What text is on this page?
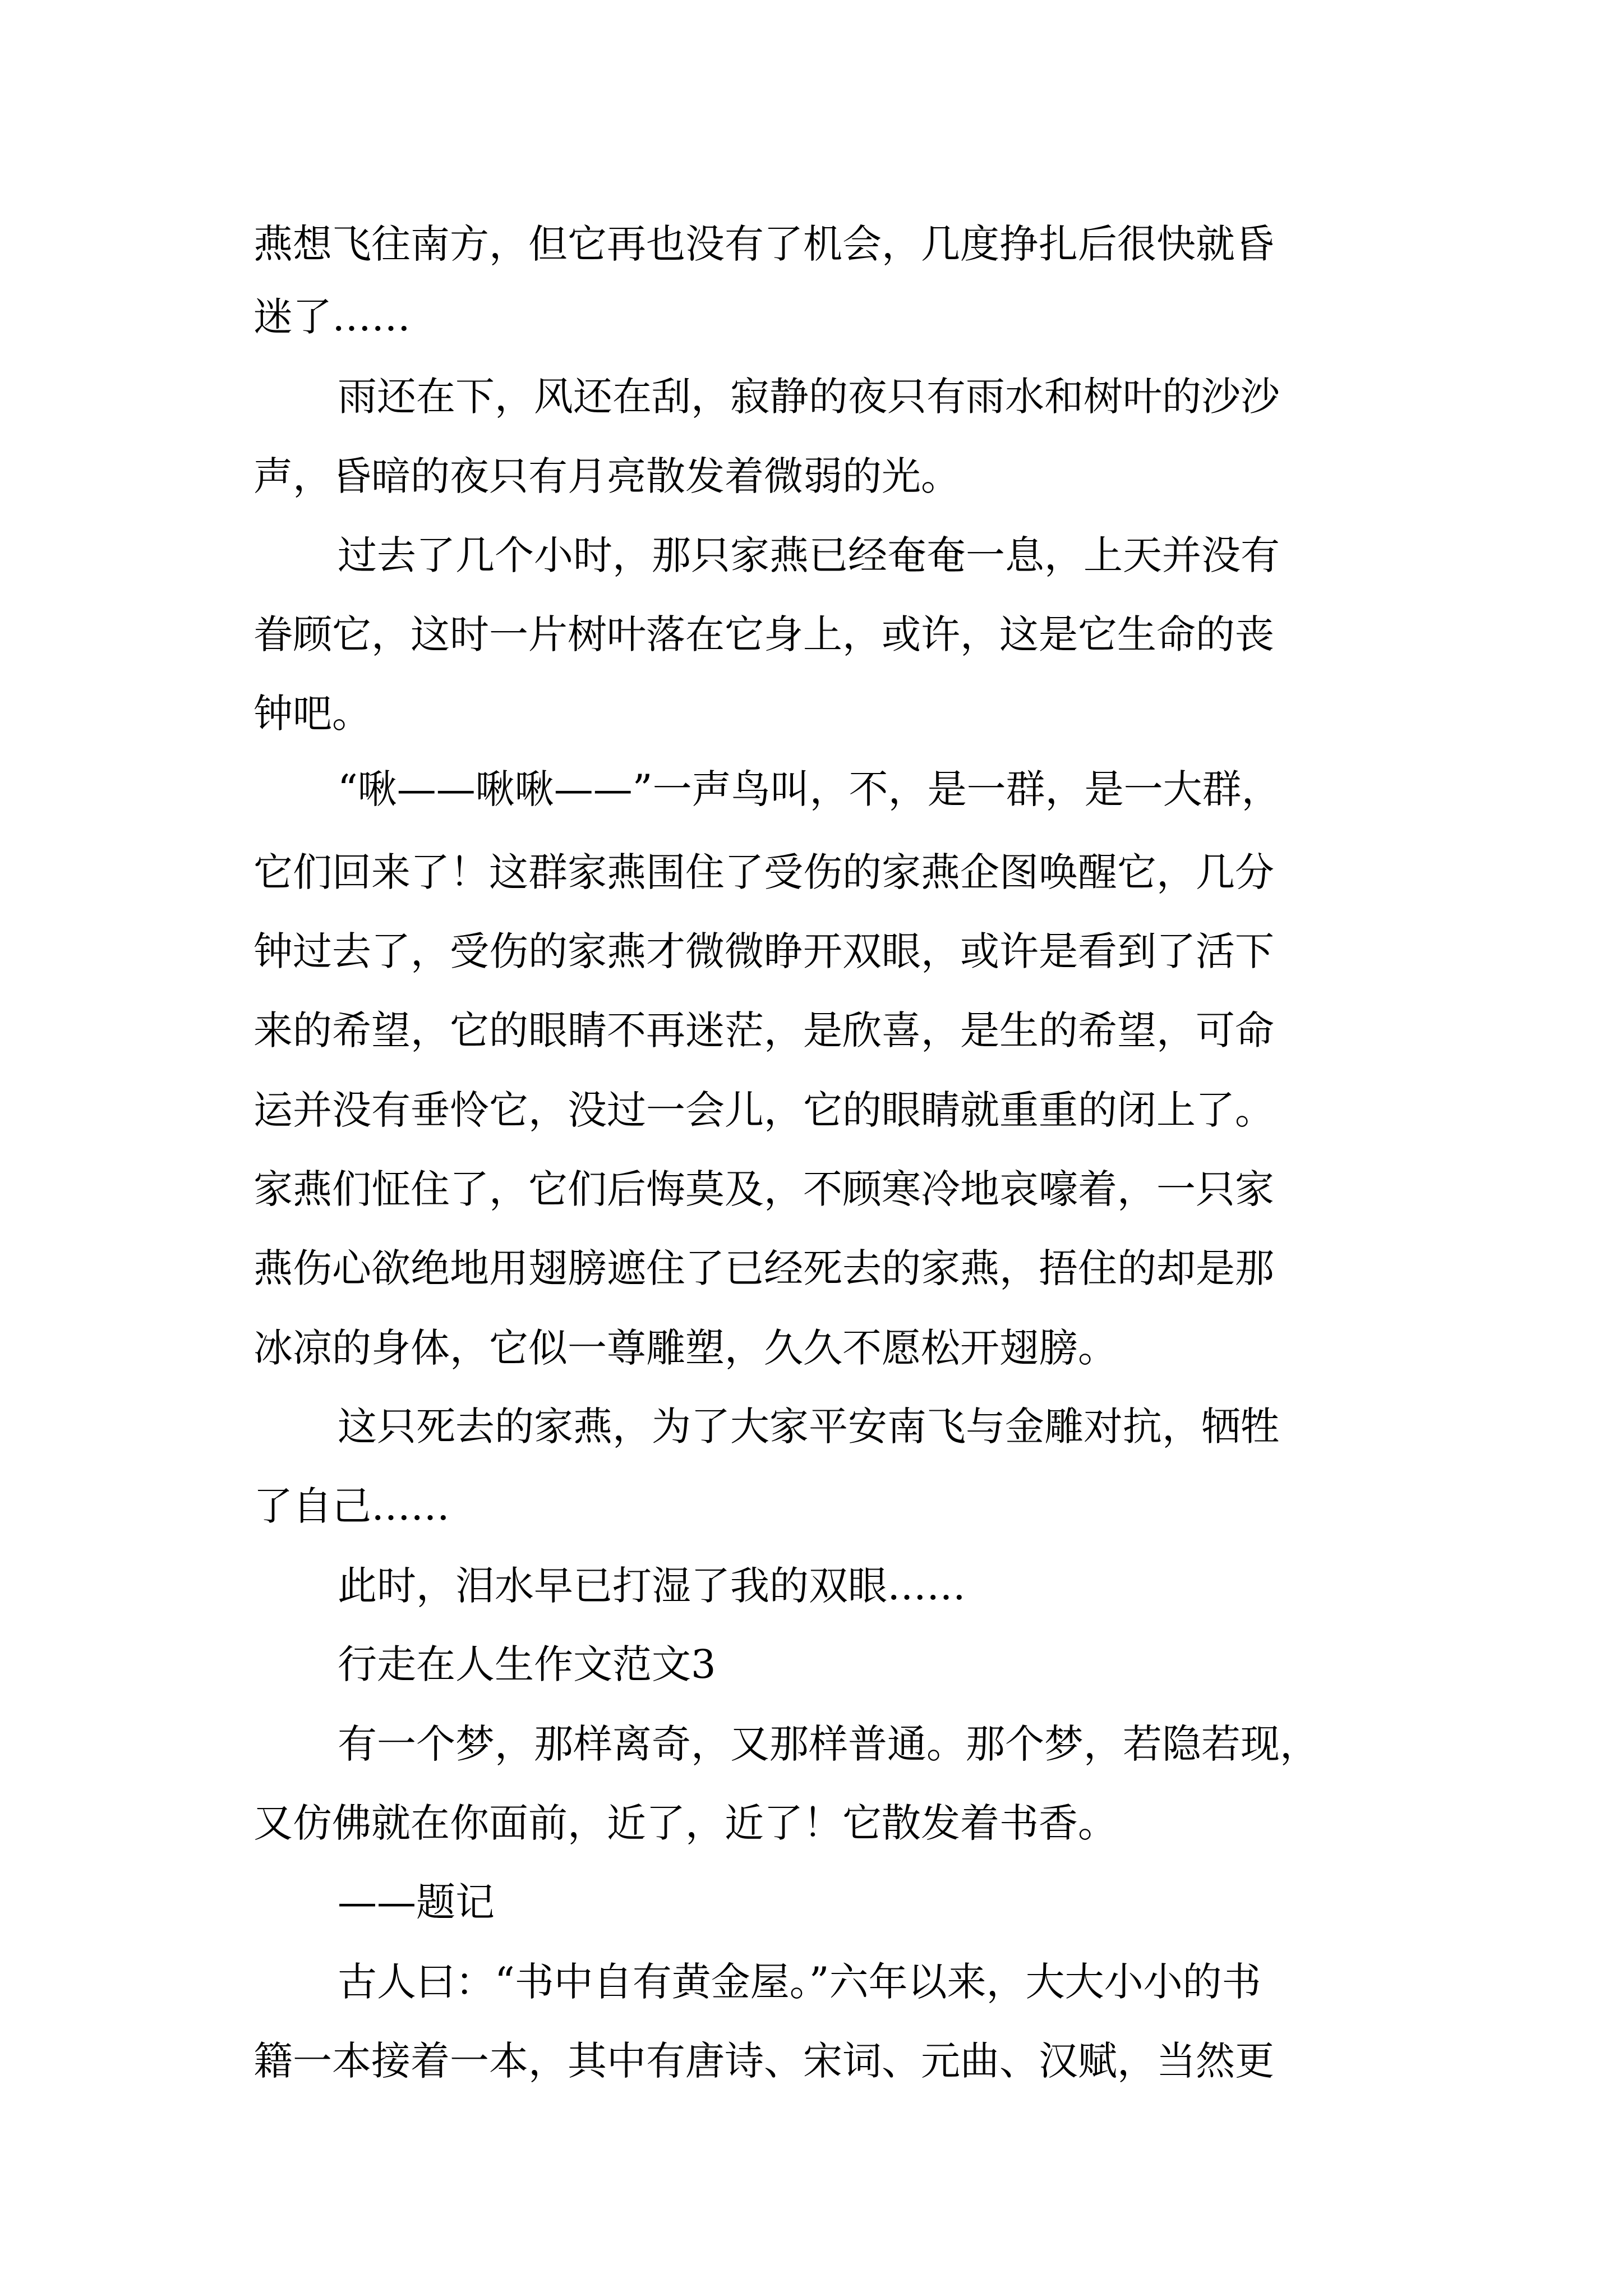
燕想飞往南方，但它再也没有了机会，几度挣扎后很快就昏
迷了……
雨还在下，风还在刮，寂静的夜只有雨水和树叶的沙沙
声，昏暗的夜只有月亮散发着微弱的光。
过去了几个小时，那只家燕已经奄奄一息，上天并没有
眷顾它，这时一片树叶落在它身上，或许，这是它生命的丧
钟吧。
“啾——啾啾——”一声鸟叫，不，是一群，是一大群，
它们回来了！这群家燕围住了受伤的家燕企图唤醒它，几分
钟过去了，受伤的家燕才微微睁开双眼，或许是看到了活下
来的希望，它的眼睛不再迷茫，是欣喜，是生的希望，可命
运并没有垂怜它，没过一会儿，它的眼睛就重重的闭上了。
家燕们怔住了，它们后悔莫及，不顾寒冷地哀嚎着，一只家
燕伤心欲绝地用翅膀遮住了已经死去的家燕，捂住的却是那
冰凉的身体，它似一尊雕塑，久久不愿松开翅膀。
这只死去的家燕，为了大家平安南飞与金雕对抗，牺牲
了自己……
此时，泪水早已打湿了我的双眼……
行走在人生作文范文3
有一个梦，那样离奇，又那样普通。那个梦，若隐若现，
又仿佛就在你面前，近了，近了！它散发着书香。
——题记
古人曰：“书中自有黄金屋。”六年以来，大大小小的书
籍一本接着一本，其中有唐诗、宋词、元曲、汉赋，当然更
